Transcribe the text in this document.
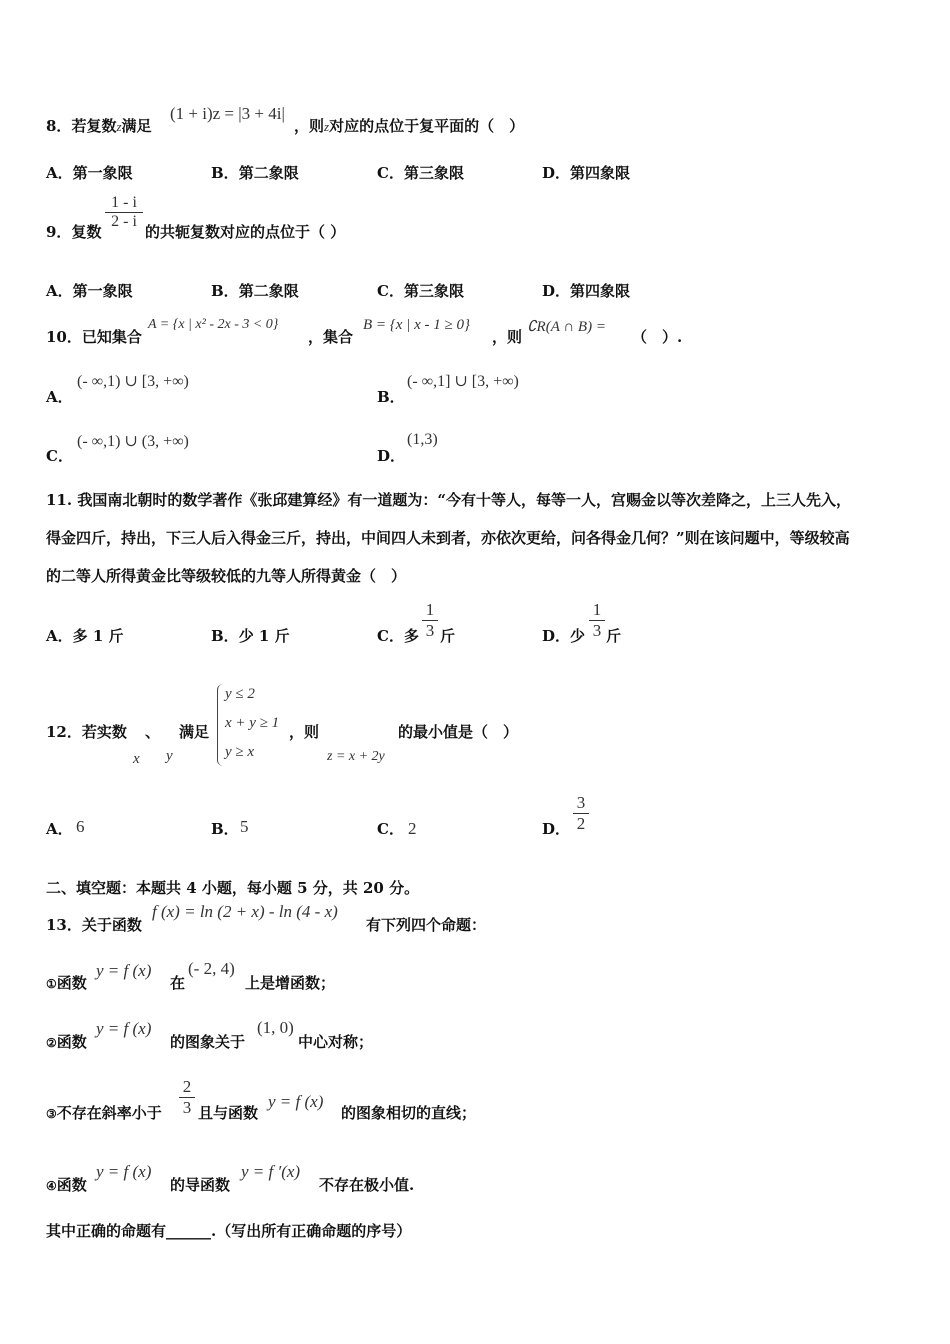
8．若复数z满足
(1 + i)z = |3 + 4i|
，则z对应的点位于复平面的（　）
A．第一象限	B．第二象限	C．第三象限	D．第四象限
9．复数
1 - i
2 - i
的共轭复数对应的点位于（ ）
A．第一象限	B．第二象限	C．第三象限	D．第四象限
10．已知集合
A = {x | x² - 2x - 3 < 0}
，集合
B = {x | x - 1 ≥ 0}
，则
∁R(A ∩ B) =
（　）.
A．
(- ∞,1) ∪ [3, +∞)
B．
(- ∞,1] ∪ [3, +∞)
C．
(- ∞,1) ∪ (3, +∞)
D．
(1,3)
11. 我国南北朝时的数学著作《张邱建算经》有一道题为：“今有十等人，每等一人，宫赐金以等次差降之，上三人先入，
得金四斤，持出，下三人后入得金三斤，持出，中间四人未到者，亦依次更给，问各得金几何？”则在该问题中，等级较高
的二等人所得黄金比等级较低的九等人所得黄金（　）
A．多 1 斤	B．少 1 斤	C．多
1
3 斤	D．少
1
3 斤
12．若实数
x
、
y
满足
y ≤ 2
x + y ≥ 1
y ≥ x
，则
z = x + 2y
的最小值是（　）
A． 6	B． 5	C． 2	D．
3
2
二、填空题：本题共 4 小题，每小题 5 分，共 20 分。
13．关于函数
f (x) = ln (2 + x) - ln (4 - x)
有下列四个命题：
①函数
y = f (x)
在
(- 2, 4)
上是增函数；
②函数
y = f (x)
的图象关于
(1, 0)
中心对称；
③不存在斜率小于
2
3 且与函数
y = f (x)
的图象相切的直线；
④函数
y = f (x)
的导函数
y = f ′(x)
不存在极小值.
其中正确的命题有______.（写出所有正确命题的序号）
